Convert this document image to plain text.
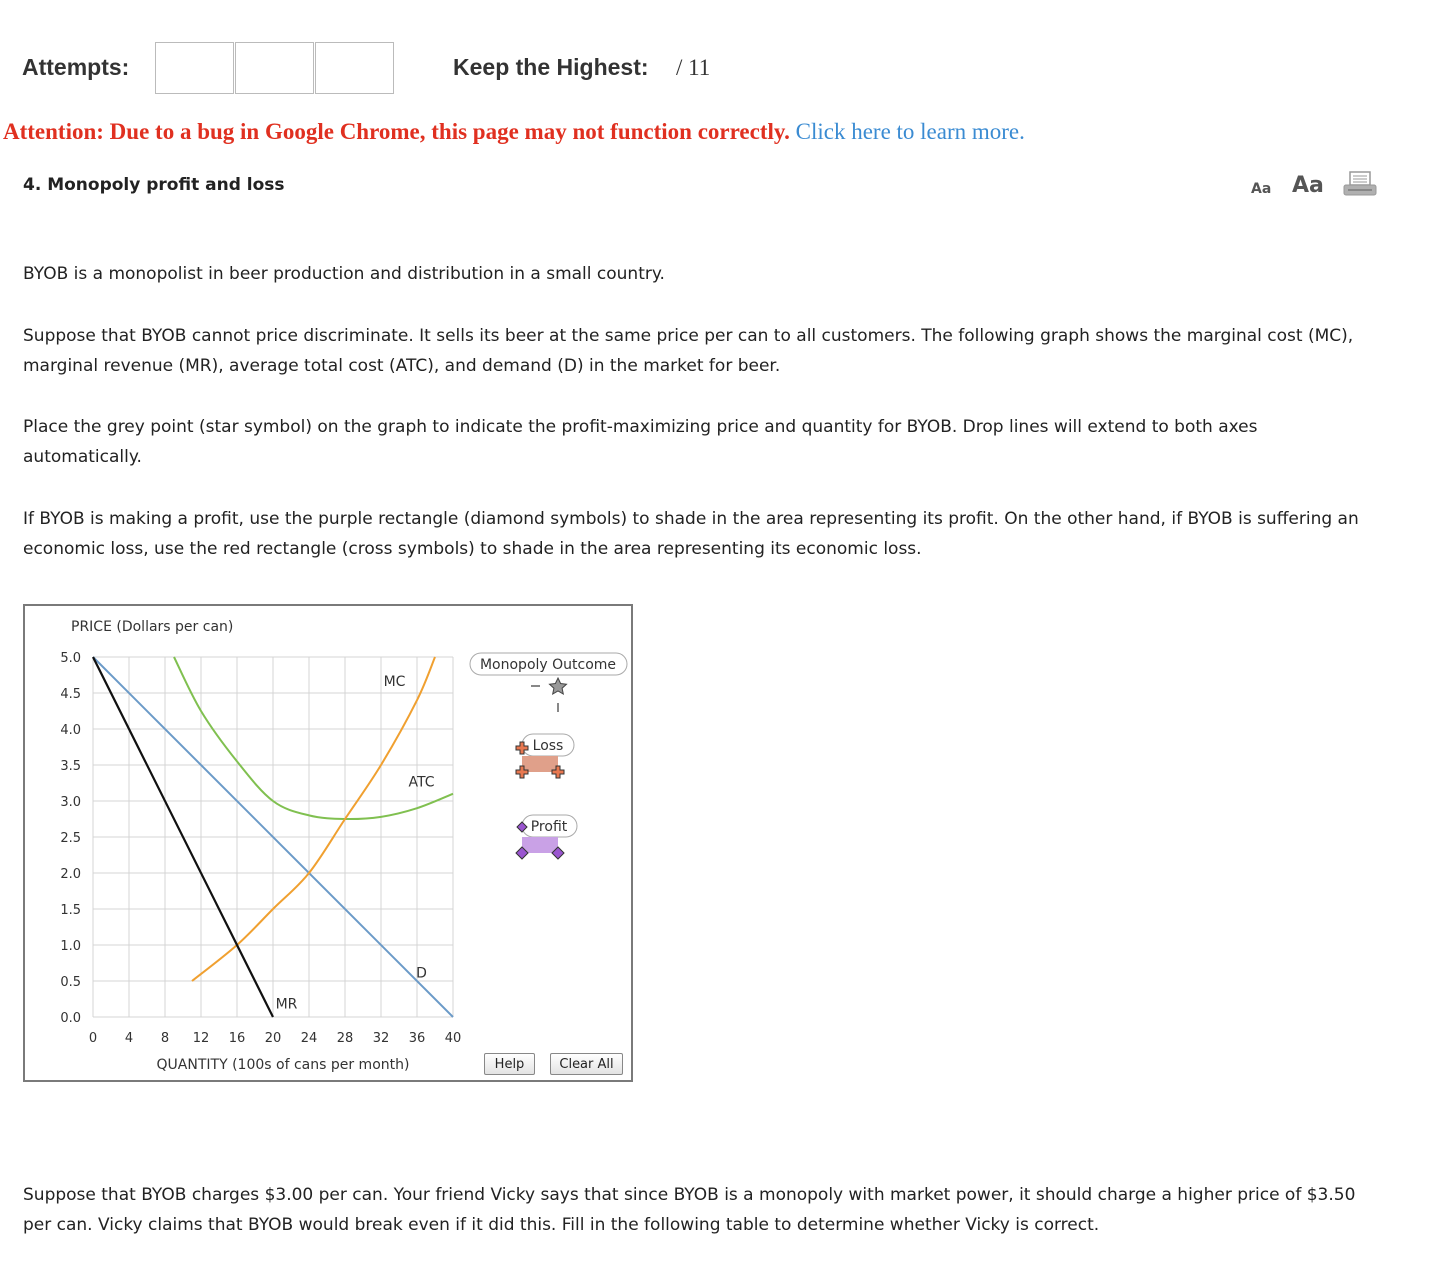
Attempts:	Keep the Highest: / 11
Attention: Due to a bug in Google Chrome, this page may not function correctly. Click here to learn more.
4. Monopoly profit and loss	Aa Aa
BYOB is a monopolist in beer production and distribution in a small country.
Suppose that BYOB cannot price discriminate. It sells its beer at the same price per can to all customers. The following graph shows the marginal cost (MC), marginal revenue (MR), average total cost (ATC), and demand (D) in the market for beer.
Place the grey point (star symbol) on the graph to indicate the profit-maximizing price and quantity for BYOB. Drop lines will extend to both axes automatically.
If BYOB is making a profit, use the purple rectangle (diamond symbols) to shade in the area representing its profit. On the other hand, if BYOB is suffering an economic loss, use the red rectangle (cross symbols) to shade in the area representing its economic loss.
0 4 8 12 16 20 24 28 32 36 40
0.0
0.5
1.0
1.5
2.0
2.5
3.0
3.5
4.0
4.5
5.0
PRICE (Dollars per can)
QUANTITY (100s of cans per month)
D
MR
MC
ATC
Monopoly Outcome
Loss
Profit
Help	Clear All
Suppose that BYOB charges $3.00 per can. Your friend Vicky says that since BYOB is a monopoly with market power, it should charge a higher price of $3.50 per can. Vicky claims that BYOB would break even if it did this. Fill in the following table to determine whether Vicky is correct.
